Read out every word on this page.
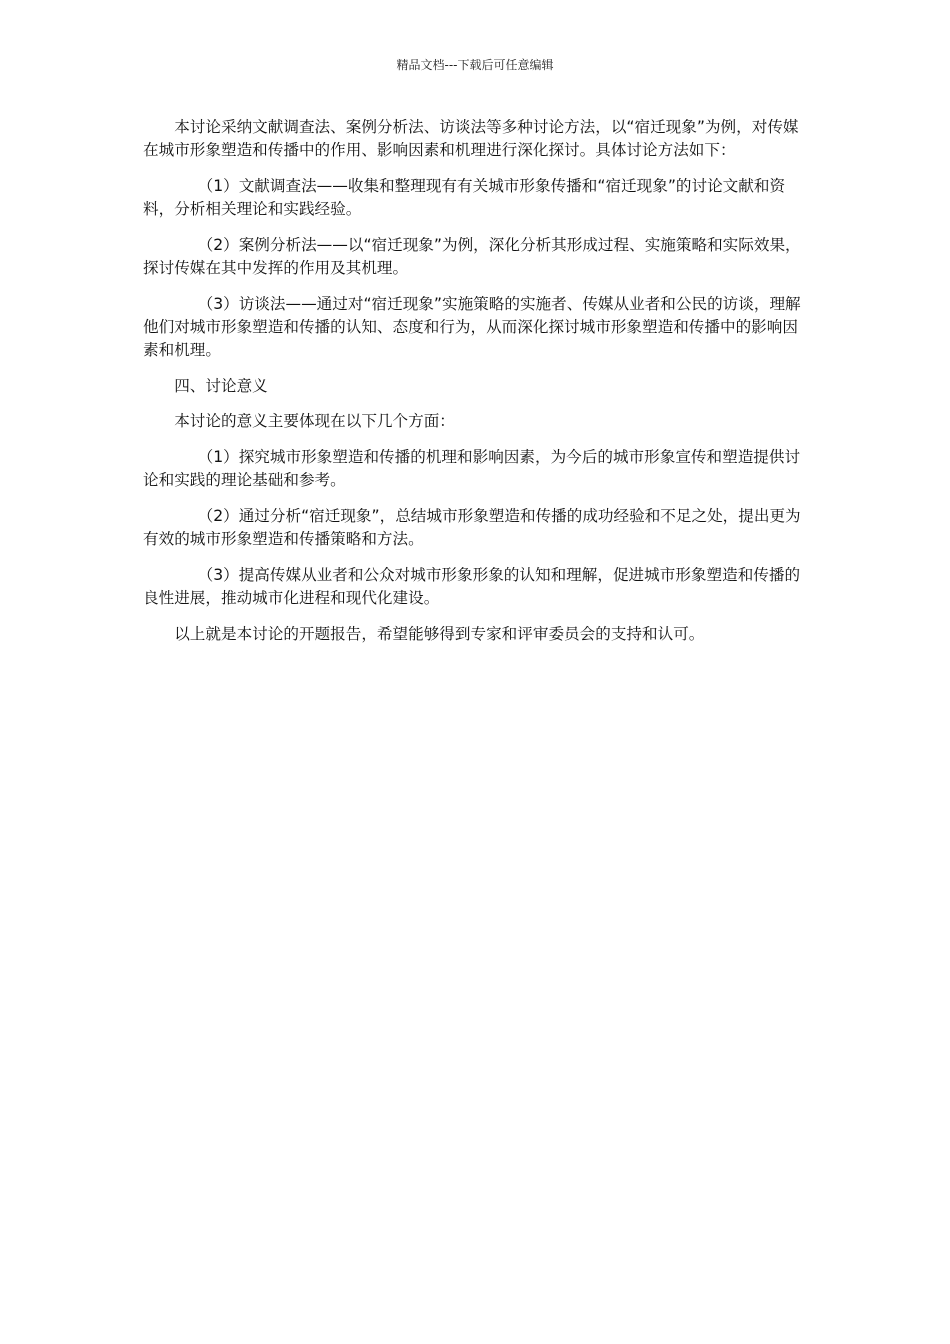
精品文档---下载后可任意编辑

本讨论采纳文献调查法、案例分析法、访谈法等多种讨论方法，以“宿迁现象”为例，对传媒在城市形象塑造和传播中的作用、影响因素和机理进行深化探讨。具体讨论方法如下：

（1）文献调查法——收集和整理现有有关城市形象传播和“宿迁现象”的讨论文献和资料，分析相关理论和实践经验。

（2）案例分析法——以“宿迁现象”为例，深化分析其形成过程、实施策略和实际效果，探讨传媒在其中发挥的作用及其机理。

（3）访谈法——通过对“宿迁现象”实施策略的实施者、传媒从业者和公民的访谈，理解他们对城市形象塑造和传播的认知、态度和行为，从而深化探讨城市形象塑造和传播中的影响因素和机理。

四、讨论意义

本讨论的意义主要体现在以下几个方面：

（1）探究城市形象塑造和传播的机理和影响因素，为今后的城市形象宣传和塑造提供讨论和实践的理论基础和参考。

（2）通过分析“宿迁现象”，总结城市形象塑造和传播的成功经验和不足之处，提出更为有效的城市形象塑造和传播策略和方法。

（3）提高传媒从业者和公众对城市形象形象的认知和理解，促进城市形象塑造和传播的良性进展，推动城市化进程和现代化建设。

以上就是本讨论的开题报告，希望能够得到专家和评审委员会的支持和认可。
